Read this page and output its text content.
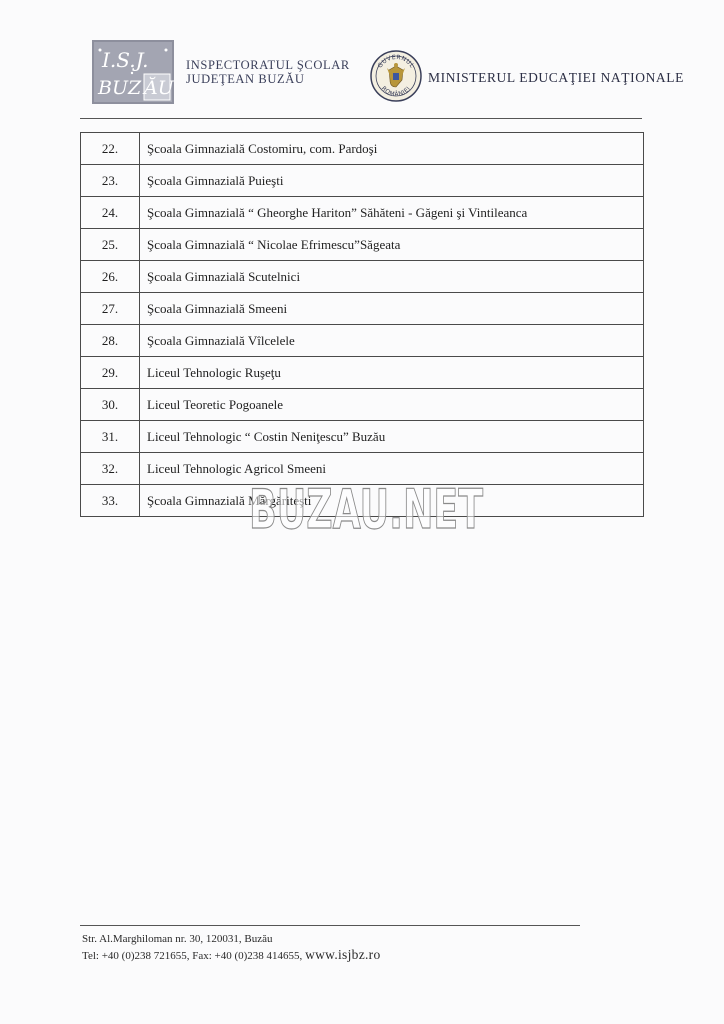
I.S.J.
BUZ ĂU
INSPECTORATUL ŞCOLAR
JUDEŢEAN BUZĂU
GUVERNUL
ROMÂNIEI
MINISTERUL EDUCAŢIEI NAŢIONALE
22.	Şcoala Gimnazială Costomiru, com. Pardoşi
23.	Şcoala Gimnazială Puieşti
24.	Şcoala Gimnazială “ Gheorghe Hariton” Săhăteni - Găgeni şi Vintileanca
25.	Şcoala Gimnazială “ Nicolae Efrimescu”Săgeata
26.	Şcoala Gimnazială Scutelnici
27.	Şcoala Gimnazială Smeeni
28.	Şcoala Gimnazială Vîlcelele
29.	Liceul Tehnologic Ruşeţu
30.	Liceul Teoretic Pogoanele
31.	Liceul Tehnologic “ Costin Neniţescu” Buzău
32.	Liceul Tehnologic Agricol Smeeni
33.	Şcoala Gimnazială Mărgăriteşti
BUZAU.NET
Str. Al.Marghiloman nr. 30, 120031, Buzău
Tel: +40 (0)238 721655, Fax: +40 (0)238 414655, www.isjbz.ro
